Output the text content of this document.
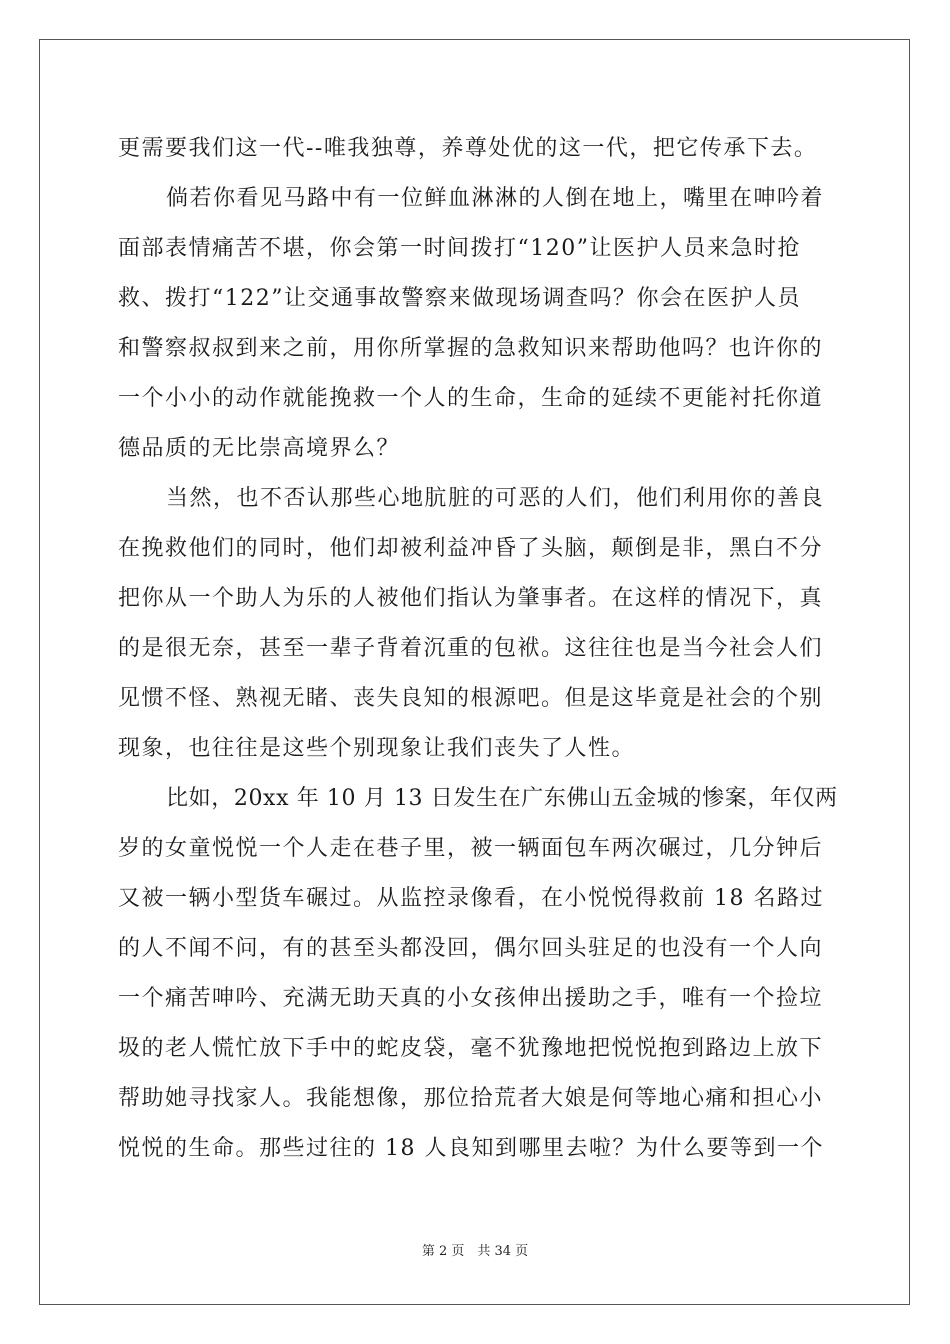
更需要我们这一代--唯我独尊，养尊处优的这一代，把它传承下去。
倘若你看见马路中有一位鲜血淋淋的人倒在地上，嘴里在呻吟着
面部表情痛苦不堪，你会第一时间拨打“120”让医护人员来急时抢
救、拨打“122”让交通事故警察来做现场调查吗？你会在医护人员
和警察叔叔到来之前，用你所掌握的急救知识来帮助他吗？也许你的
一个小小的动作就能挽救一个人的生命，生命的延续不更能衬托你道
德品质的无比崇高境界么？
当然，也不否认那些心地肮脏的可恶的人们，他们利用你的善良
在挽救他们的同时，他们却被利益冲昏了头脑，颠倒是非，黑白不分
把你从一个助人为乐的人被他们指认为肇事者。在这样的情况下，真
的是很无奈，甚至一辈子背着沉重的包袱。这往往也是当今社会人们
见惯不怪、熟视无睹、丧失良知的根源吧。但是这毕竟是社会的个别
现象，也往往是这些个别现象让我们丧失了人性。
比如，20xx 年 10 月 13 日发生在广东佛山五金城的惨案，年仅两
岁的女童悦悦一个人走在巷子里，被一辆面包车两次碾过，几分钟后
又被一辆小型货车碾过。从监控录像看，在小悦悦得救前 18 名路过
的人不闻不问，有的甚至头都没回，偶尔回头驻足的也没有一个人向
一个痛苦呻吟、充满无助天真的小女孩伸出援助之手，唯有一个捡垃
圾的老人慌忙放下手中的蛇皮袋，毫不犹豫地把悦悦抱到路边上放下
帮助她寻找家人。我能想像，那位拾荒者大娘是何等地心痛和担心小
悦悦的生命。那些过往的 18 人良知到哪里去啦？为什么要等到一个
第 2 页　共 34 页
